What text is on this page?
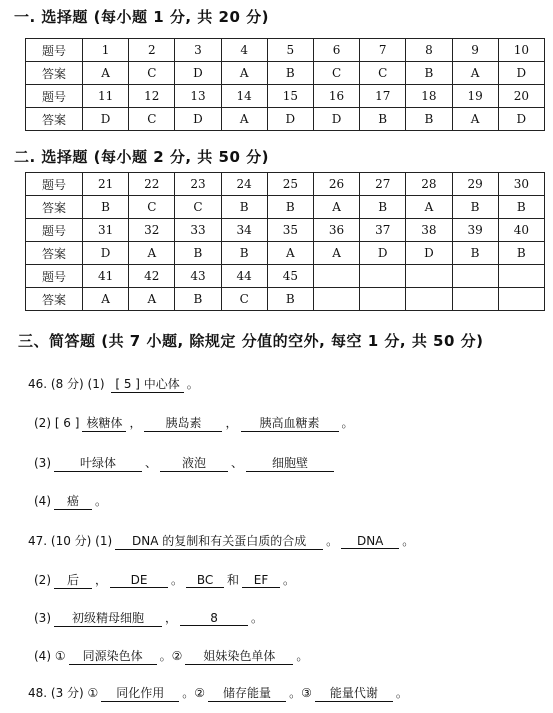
一. 选择题 (每小题 1 分, 共 20 分)
题号	1	2	3	4	5	6	7	8	9	10
答案	A	C	D	A	B	C	C	B	A	D
题号	11	12	13	14	15	16	17	18	19	20
答案	D	C	D	A	D	D	B	B	A	D
二. 选择题 (每小题 2 分, 共 50 分)
题号	21	22	23	24	25	26	27	28	29	30
答案	B	C	C	B	B	A	B	A	B	B
题号	31	32	33	34	35	36	37	38	39	40
答案	D	A	B	B	A	A	D	D	B	B
题号	41	42	43	44	45					
答案	A	A	B	C	B					
三、简答题 (共 7 小题, 除规定 分值的空外, 每空 1 分, 共 50 分)
46. (8 分) (1) [ 5 ] 中心体 。
(2) [ 6 ] 核糖体 ， 胰岛素 ， 胰高血糖素 。
(3) 叶绿体 、 液泡 、 细胞壁
(4) 癌 。
47. (10 分) (1) DNA 的复制和有关蛋白质的合成 。 DNA 。
(2) 后 ， DE 。 BC 和 EF 。
(3) 初级精母细胞 ，	8	。
(4) ① 同源染色体 。② 姐妹染色单体 。
48. (3 分) ① 同化作用 。② 储存能量 。③ 能量代谢 。
